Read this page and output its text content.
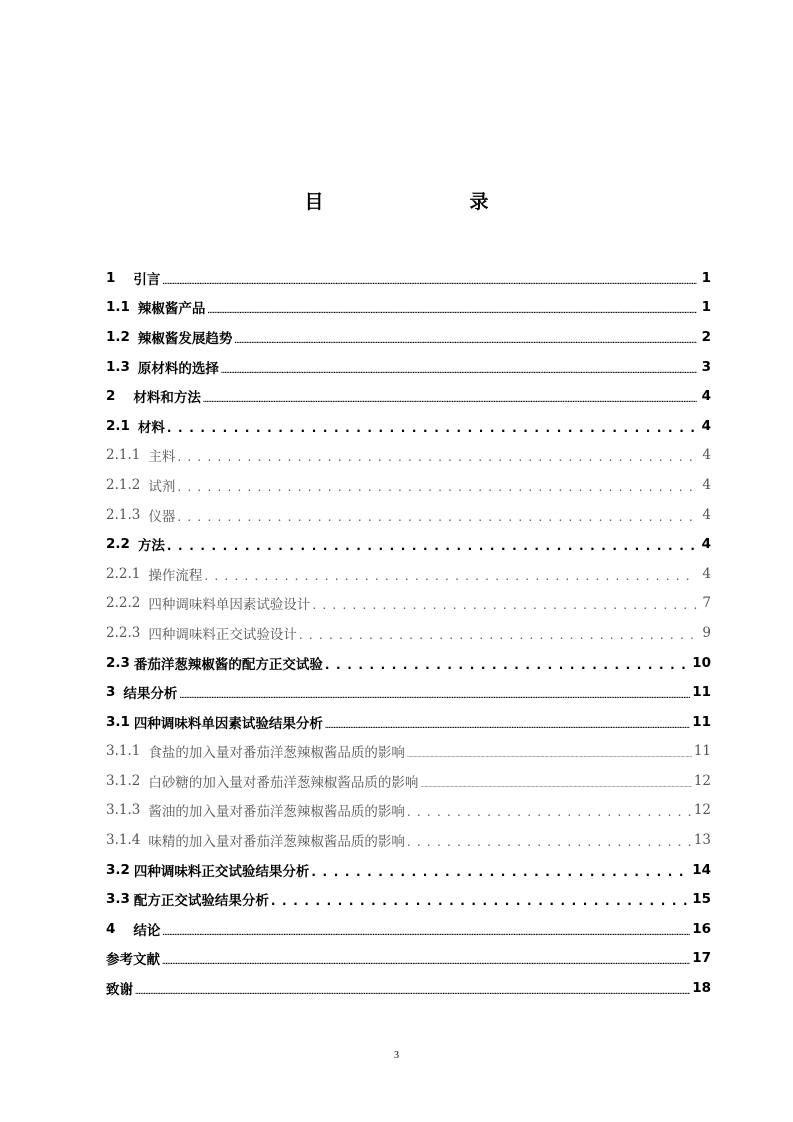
目　　录
1 引言 .....	1
1.1 辣椒酱产品 .....	1
1.2 辣椒酱发展趋势 .....	2
1.3 原材料的选择 .....	3
2 材料和方法 .....	4
2.1 材料 . . .	4
2.1.1 主料 . . .	4
2.1.2 试剂 . . .	4
2.1.3 仪器 . . .	4
2.2 方法 . . .	4
2.2.1 操作流程 . . .	4
2.2.2 四种调味料单因素试验设计 . . .	7
2.2.3 四种调味料正交试验设计 . . .	9
2.3 番茄洋葱辣椒酱的配方正交试验 . . .	10
3 结果分析 .....	11
3.1 四种调味料单因素试验结果分析 .....	11
3.1.1 食盐的加入量对番茄洋葱辣椒酱品质的影响 .....	11
3.1.2 白砂糖的加入量对番茄洋葱辣椒酱品质的影响 .....	12
3.1.3 酱油的加入量对番茄洋葱辣椒酱品质的影响 . . .	12
3.1.4 味精的加入量对番茄洋葱辣椒酱品质的影响 . . .	13
3.2 四种调味料正交试验结果分析 . . .	14
3.3 配方正交试验结果分析 . . .	15
4 结论 .....	16
参考文献 .....	17
致谢 .....	18
3
